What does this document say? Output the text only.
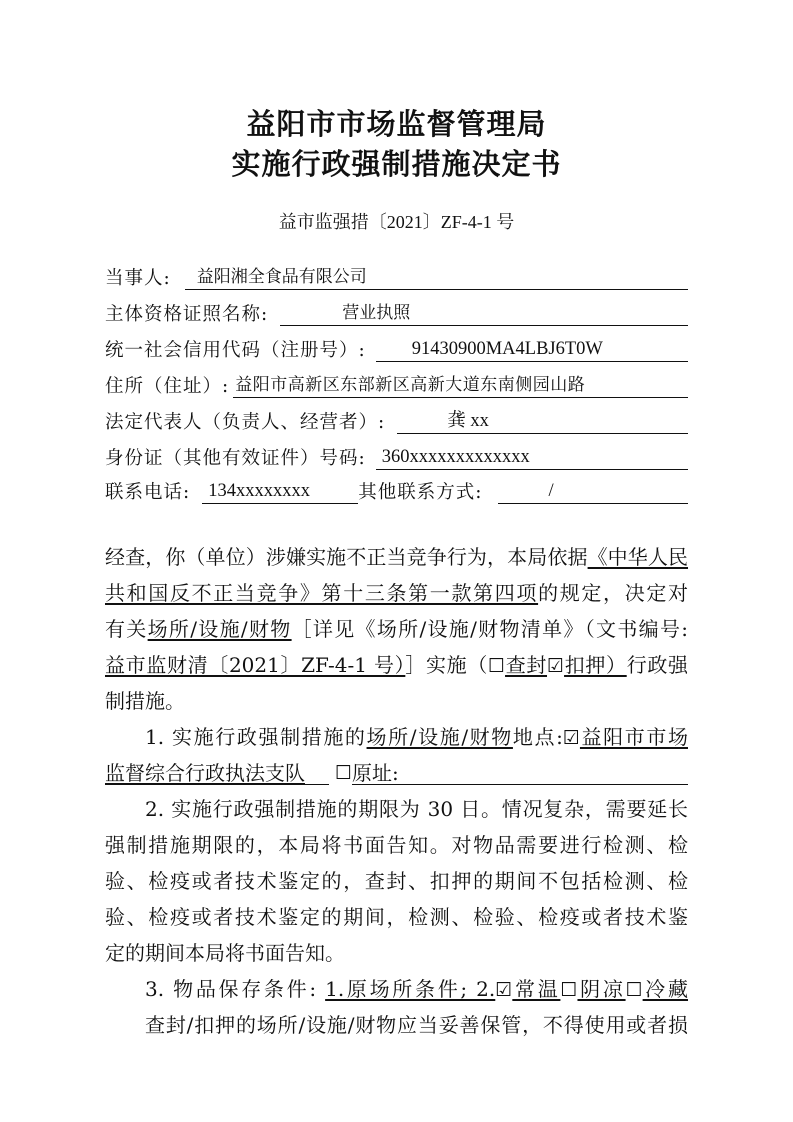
益阳市市场监督管理局
实施行政强制措施决定书
益市监强措〔2021〕ZF-4-1 号
当事人:	益阳湘全食品有限公司
主体资格证照名称:	营业执照
统一社会信用代码（注册号）:	91430900MA4LBJ6T0W
住所（住址）: 益阳市高新区东部新区高新大道东南侧园山路
法定代表人（负责人、经营者）:	龚 xx
身份证（其他有效证件）号码: 360xxxxxxxxxxxxx
联系电话: 134xxxxxxxx	其他联系方式:	/
经查，你（单位）涉嫌实施不正当竞争行为，本局依据《中华人民
共和国反不正当竞争》第十三条第一款第四项的规定，决定对
有关场所/设施/财物［详见《场所/设施/财物清单》（文书编号:
益市监财清〔2021〕ZF-4-1 号）］实施（☐查封☑扣押）行政强
制措施。
1. 实施行政强制措施的场所/设施/财物地点:☑益阳市市场
监督综合行政执法支队 ☐ 原址:
2. 实施行政强制措施的期限为 30 日。情况复杂，需要延长
强制措施期限的，本局将书面告知。对物品需要进行检测、检
验、检疫或者技术鉴定的，查封、扣押的期间不包括检测、检
验、检疫或者技术鉴定的期间，检测、检验、检疫或者技术鉴
定的期间本局将书面告知。
3. 物品保存条件: 1.原场所条件; 2.☑常温☐阴凉☐冷藏
查封/扣押的场所/设施/财物应当妥善保管，不得使用或者损
